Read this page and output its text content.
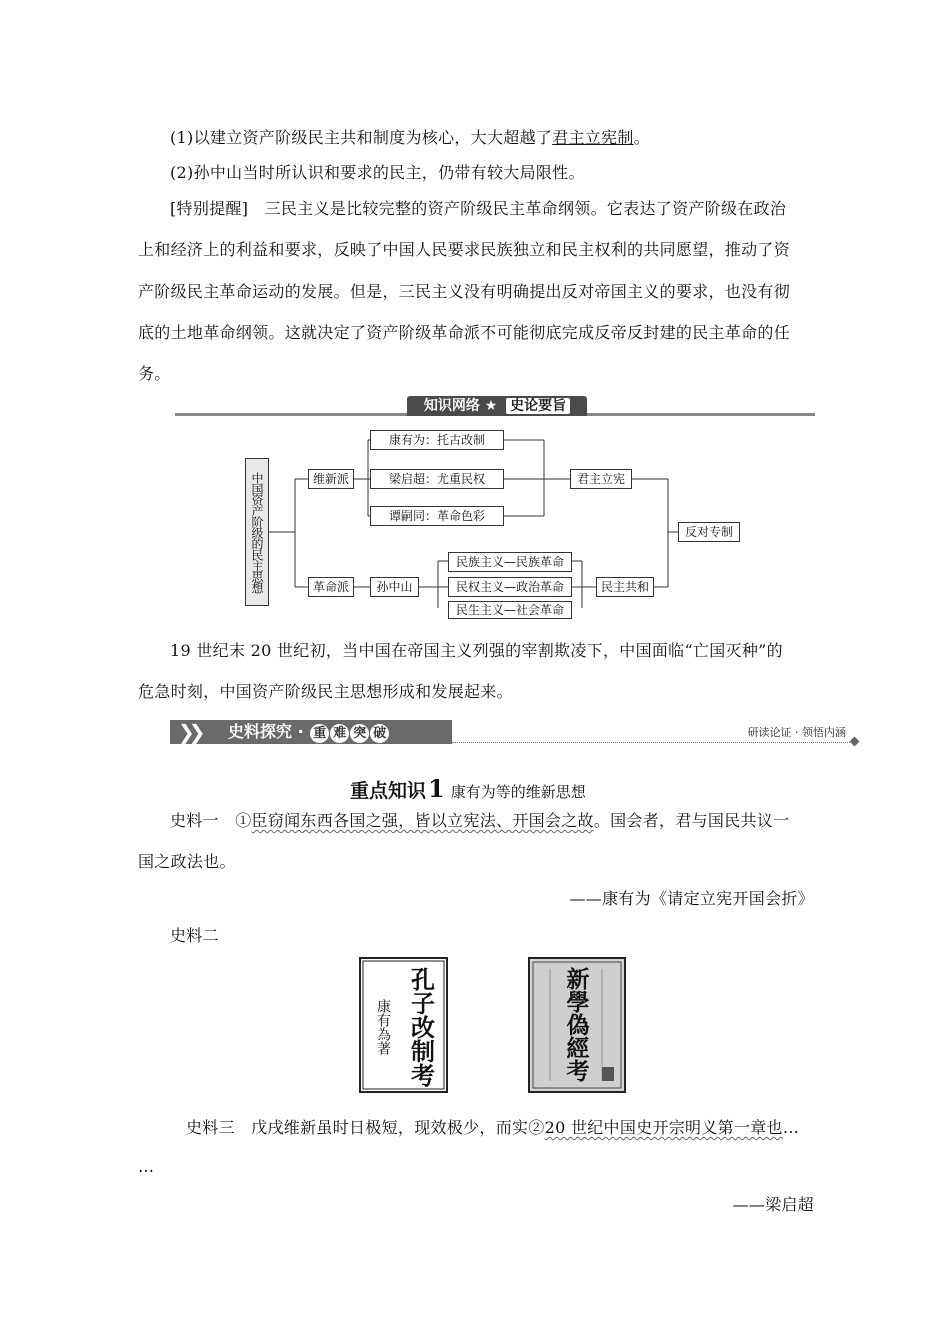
(1)以建立资产阶级民主共和制度为核心，大大超越了君主立宪制。
(2)孙中山当时所认识和要求的民主，仍带有较大局限性。
[特别提醒]　三民主义是比较完整的资产阶级民主革命纲领。它表达了资产阶级在政治
上和经济上的利益和要求，反映了中国人民要求民族独立和民主权利的共同愿望，推动了资
产阶级民主革命运动的发展。但是，三民主义没有明确提出反对帝国主义的要求，也没有彻
底的土地革命纲领。这就决定了资产阶级革命派不可能彻底完成反帝反封建的民主革命的任
务。
知识网络 ★ 史论要旨
中国资产阶级的民主思想	维新派
康有为：托古改制
梁启超：尤重民权
谭嗣同：革命色彩
君主立宪
反对专制
革命派	孙中山
民族主义—民族革命
民权主义—政治革命
民生主义—社会革命
民主共和
19 世纪末 20 世纪初，当中国在帝国主义列强的宰割欺凌下，中国面临“亡国灭种”的
危急时刻，中国资产阶级民主思想形成和发展起来。
❯❯ 史料探究 · 重 难 突 破	研读论证 · 领悟内涵
重点知识1 康有为等的维新思想
史料一　①臣窃闻东西各国之强，皆以立宪法、开国会之故。国会者，君与国民共议一
国之政法也。
——康有为《请定立宪开国会折》
史料二
孔子改制考
康有為著	新學偽經考
史料三　戊戌维新虽时日极短，现效极少，而实②20 世纪中国史开宗明义第一章也…
…
——梁启超
